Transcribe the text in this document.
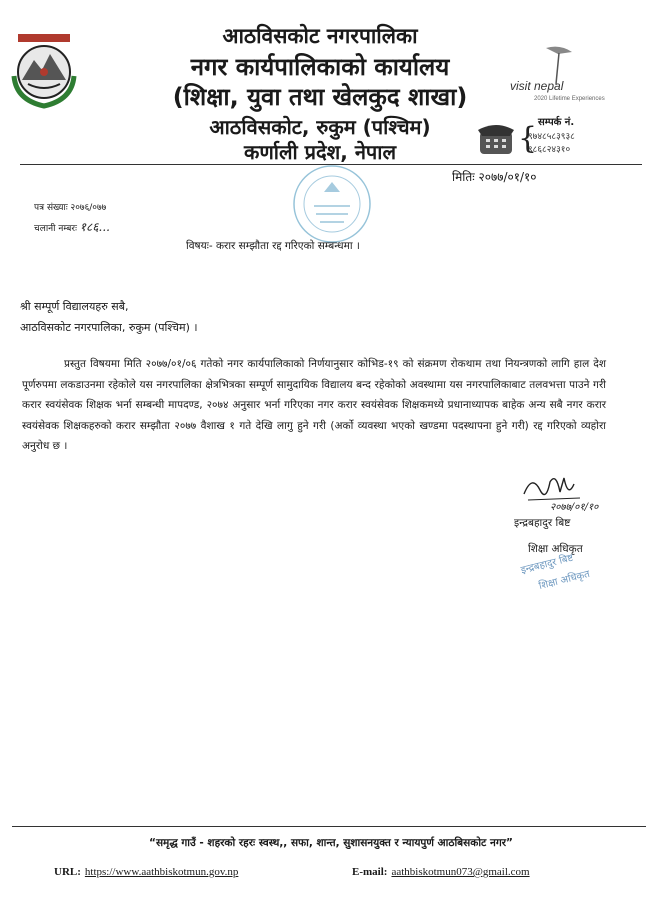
आठविसकोट नगरपालिका
नगर कार्यपालिकाको कार्यालय
(शिक्षा, युवा तथा खेलकुद शाखा)
आठविसकोट, रुकुम (पश्चिम)
कर्णाली प्रदेश, नेपाल
visit nepal
2020 Lifetime Experiences
सम्पर्क नं.
{
९७४८५८३९३८
९८६८२४३१०
मितिः २०७७/०१/१०
पत्र संख्याः २०७६/०७७
चलानी नम्बरः १८६...
विषयः- करार सम्झौता रद्द गरिएको सम्बन्धमा ।
श्री सम्पूर्ण विद्यालयहरु सबै,
आठविसकोट नगरपालिका, रुकुम (पश्चिम) ।
प्रस्तुत विषयमा मिति २०७७/०१/०६ गतेको नगर कार्यपालिकाको निर्णयानुसार कोभिड-१९ को संक्रमण रोकथाम तथा नियन्त्रणको लागि हाल देश पूर्णरुपमा लकडाउनमा रहेकोले यस नगरपालिका क्षेत्रभित्रका सम्पूर्ण सामुदायिक विद्यालय बन्द रहेकोको अवस्थामा यस नगरपालिकाबाट तलवभत्ता पाउने गरी करार स्वयंसेवक शिक्षक भर्ना सम्बन्धी मापदण्ड, २०७४ अनुसार भर्ना गरिएका नगर करार स्वयंसेवक शिक्षकमध्ये प्रधानाध्यापक बाहेक अन्य सबै नगर करार स्वयंसेवक शिक्षकहरुको करार सम्झौता २०७७ वैशाख १ गते देखि लागु हुने गरी (अर्को व्यवस्था भएको खण्डमा पदस्थापना हुने गरी) रद्द गरिएको व्यहोरा अनुरोध छ ।
२०७७/०१/१०
इन्द्रबहादुर बिष्ट
शिक्षा अधिकृत
इन्द्रबहादुर बिष्ट
शिक्षा अधिकृत
“समृद्ध गाउँ - शहरको रहरः स्वस्थ,, सफा, शान्त, सुशासनयुक्त र न्यायपुर्ण आठबिसकोट नगर”
URL: https://www.aathbiskotmun.gov.np	E-mail: aathbiskotmun073@gmail.com
